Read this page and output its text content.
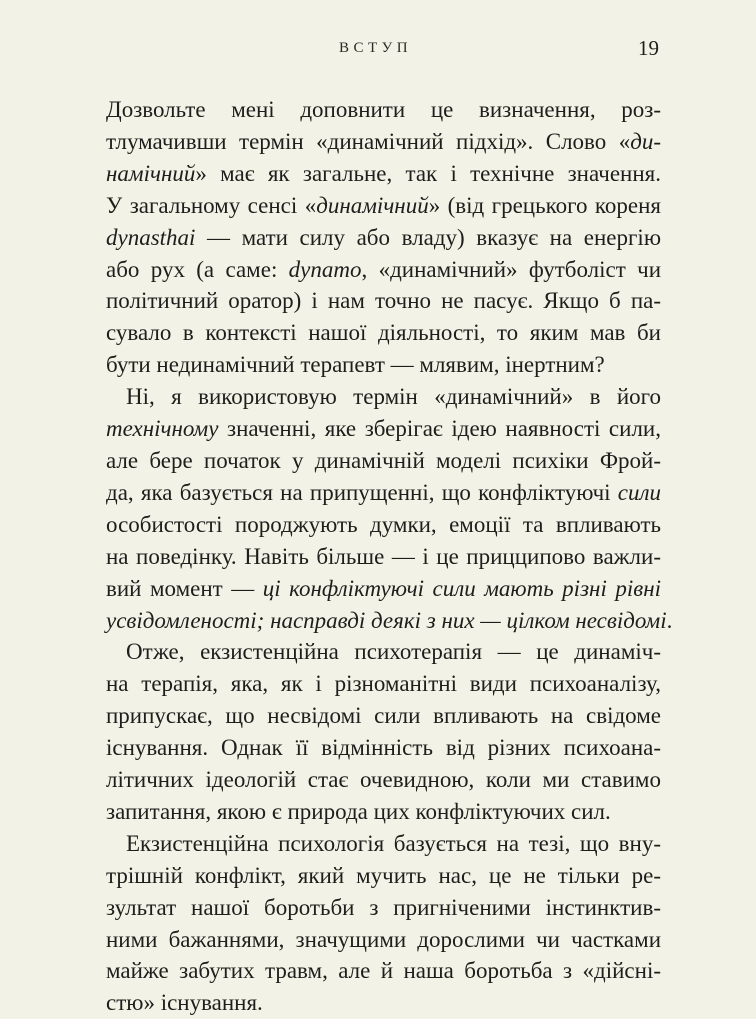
ВСТУП	19
Дозвольте мені доповнити це визначення, роз-
тлумачивши термін «динамічний підхід». Слово «ди-
намічний» має як загальне, так і технічне значення.
У загальному сенсі «динамічний» (від грецького кореня
dynasthai — мати силу або владу) вказує на енергію
або рух (а саме: dynamo, «динамічний» футболіст чи
політичний оратор) і нам точно не пасує. Якщо б па-
сувало в контексті нашої діяльності, то яким мав би
бути нединамічний терапевт — млявим, інертним?
Ні, я використовую термін «динамічний» в його
технічному значенні, яке зберігає ідею наявності сили,
але бере початок у динамічній моделі психіки Фрой-
да, яка базується на припущенні, що конфліктуючі сили
особистості породжують думки, емоції та впливають
на поведінку. Навіть більше — і це прицципово важли-
вий момент — ці конфліктуючі сили мають різні рівні
усвідомленості; насправді деякі з них — цілком несвідомі.
Отже, екзистенційна психотерапія — це динаміч-
на терапія, яка, як і різноманітні види психоаналізу,
припускає, що несвідомі сили впливають на свідоме
існування. Однак її відмінність від різних психоана-
літичних ідеологій стає очевидною, коли ми ставимо
запитання, якою є природа цих конфліктуючих сил.
Екзистенційна психологія базується на тезі, що вну-
трішній конфлікт, який мучить нас, це не тільки ре-
зультат нашої боротьби з пригніченими інстинктив-
ними бажаннями, значущими дорослими чи частками
майже забутих травм, але й наша боротьба з «дійсні-
стю» існування.
